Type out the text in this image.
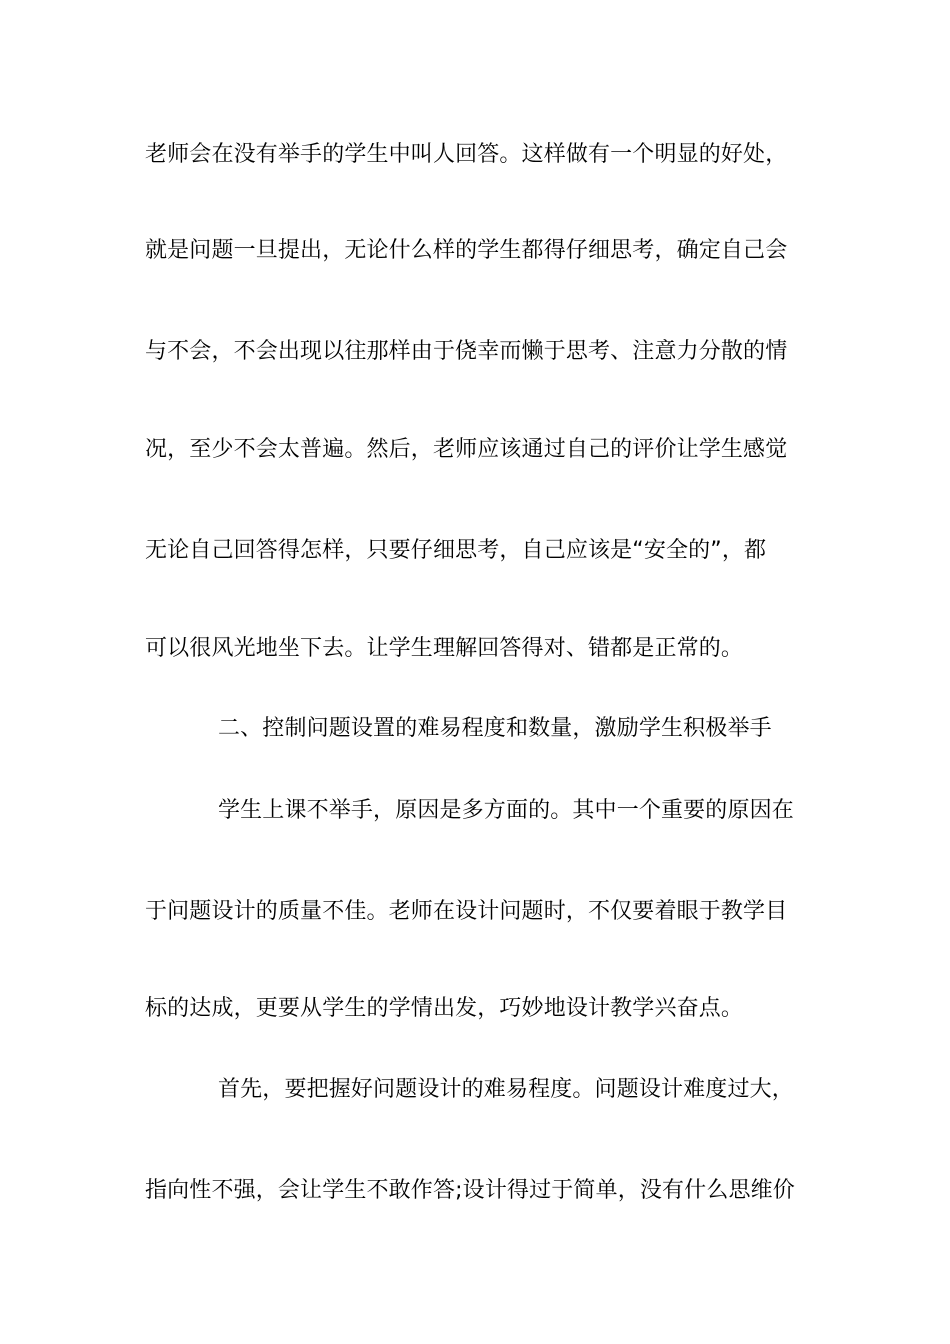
老师会在没有举手的学生中叫人回答。这样做有一个明显的好处，

就是问题一旦提出，无论什么样的学生都得仔细思考，确定自己会

与不会，不会出现以往那样由于侥幸而懒于思考、注意力分散的情

况，至少不会太普遍。然后，老师应该通过自己的评价让学生感觉

无论自己回答得怎样，只要仔细思考，自己应该是“安全的”，都

可以很风光地坐下去。让学生理解回答得对、错都是正常的。

二、控制问题设置的难易程度和数量，激励学生积极举手

学生上课不举手，原因是多方面的。其中一个重要的原因在

于问题设计的质量不佳。老师在设计问题时，不仅要着眼于教学目

标的达成，更要从学生的学情出发，巧妙地设计教学兴奋点。

首先，要把握好问题设计的难易程度。问题设计难度过大，

指向性不强，会让学生不敢作答;设计得过于简单，没有什么思维价
